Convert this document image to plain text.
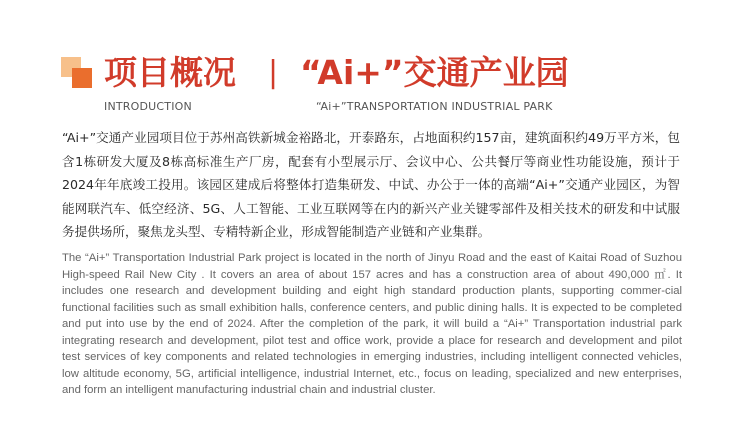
项目概况 | “Ai+”交通产业园
INTRODUCTION	“Ai+”TRANSPORTATION INDUSTRIAL PARK

“Ai+”交通产业园项目位于苏州高铁新城金裕路北，开泰路东，占地面积约157亩，建筑面积约49万平方米，包含1栋研发大厦及8栋高标准生产厂房，配套有小型展示厅、会议中心、公共餐厅等商业性功能设施，预计于2024年年底竣工投用。该园区建成后将整体打造集研发、中试、办公于一体的高端“Ai+”交通产业园区，为智能网联汽车、低空经济、5G、人工智能、工业互联网等在内的新兴产业关键零部件及相关技术的研发和中试服务提供场所，聚焦龙头型、专精特新企业，形成智能制造产业链和产业集群。

The “Ai+” Transportation Industrial Park project is located in the north of Jinyu Road and the east of Kaitai Road of Suzhou High-speed Rail New City . It covers an area of about 157 acres and has a construction area of about 490,000 ㎡. It includes one research and development building and eight high standard production plants, supporting commer-cial functional facilities such as small exhibition halls, conference centers, and public dining halls. It is expected to be completed and put into use by the end of 2024. After the completion of the park, it will build a “Ai+” Transportation industrial park integrating research and development, pilot test and office work, provide a place for research and development and pilot test services of key components and related technologies in emerging industries, including intelligent connected vehicles, low altitude economy, 5G, artificial intelligence, industrial Internet, etc., focus on leading, specialized and new enterprises, and form an intelligent manufacturing industrial chain and industrial cluster.
